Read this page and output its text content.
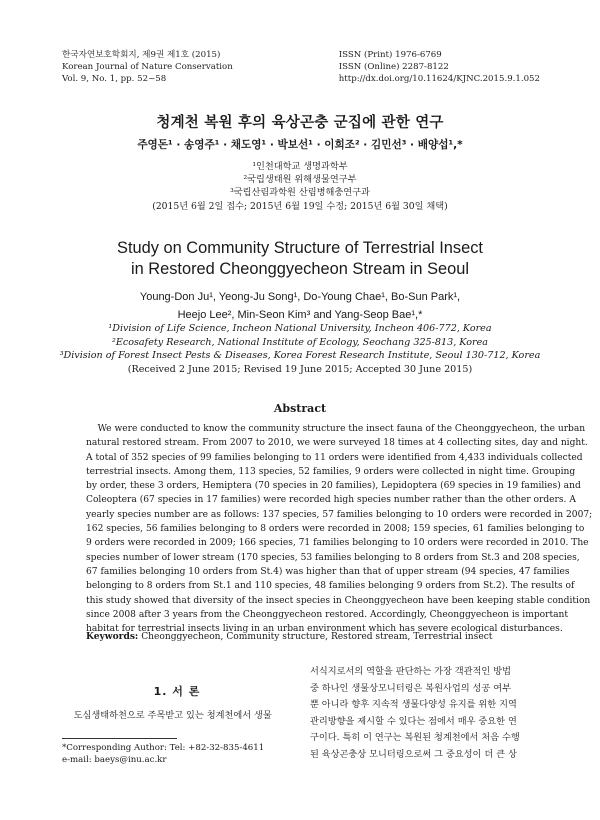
한국자연보호학회지, 제9권 제1호 (2015)
Korean Journal of Nature Conservation
Vol. 9, No. 1, pp. 52~58
ISSN (Print) 1976-6769
ISSN (Online) 2287-8122
http://dx.doi.org/10.11624/KJNC.2015.9.1.052
청계천 복원 후의 육상곤충 군집에 관한 연구
주영돈¹ · 송영주¹ · 채도영¹ · 박보선¹ · 이희조² · 김민선³ · 배양섭¹,*
¹인천대학교 생명과학부
²국립생태원 위해생물연구부
³국립산림과학원 산림병해충연구과
(2015년 6월 2일 접수; 2015년 6월 19일 수정; 2015년 6월 30일 채택)
Study on Community Structure of Terrestrial Insect
in Restored Cheonggyecheon Stream in Seoul
Young-Don Ju¹, Yeong-Ju Song¹, Do-Young Chae¹, Bo-Sun Park¹,
Heejo Lee², Min-Seon Kim³ and Yang-Seop Bae¹,*
¹Division of Life Science, Incheon National University, Incheon 406-772, Korea
²Ecosafety Research, National Institute of Ecology, Seochang 325-813, Korea
³Division of Forest Insect Pests & Diseases, Korea Forest Research Institute, Seoul 130-712, Korea
(Received 2 June 2015; Revised 19 June 2015; Accepted 30 June 2015)
Abstract
We were conducted to know the community structure the insect fauna of the Cheonggyecheon, the urban
natural restored stream. From 2007 to 2010, we were surveyed 18 times at 4 collecting sites, day and night.
A total of 352 species of 99 families belonging to 11 orders were identified from 4,433 individuals collected
terrestrial insects. Among them, 113 species, 52 families, 9 orders were collected in night time. Grouping
by order, these 3 orders, Hemiptera (70 species in 20 families), Lepidoptera (69 species in 19 families) and
Coleoptera (67 species in 17 families) were recorded high species number rather than the other orders. A
yearly species number are as follows: 137 species, 57 families belonging to 10 orders were recorded in 2007;
162 species, 56 families belonging to 8 orders were recorded in 2008; 159 species, 61 families belonging to
9 orders were recorded in 2009; 166 species, 71 families belonging to 10 orders were recorded in 2010. The
species number of lower stream (170 species, 53 families belonging to 8 orders from St.3 and 208 species,
67 families belonging 10 orders from St.4) was higher than that of upper stream (94 species, 47 families
belonging to 8 orders from St.1 and 110 species, 48 families belonging 9 orders from St.2). The results of
this study showed that diversity of the insect species in Cheonggyecheon have been keeping stable condition
since 2008 after 3 years from the Cheonggyecheon restored. Accordingly, Cheonggyecheon is important
habitat for terrestrial insects living in an urban environment which has severe ecological disturbances.
Keywords: Cheonggyecheon, Community structure, Restored stream, Terrestrial insect
1. 서 론
도심생태하천으로 주목받고 있는 청계천에서 생물
*Corresponding Author: Tel: +82-32-835-4611
e-mail: baeys@inu.ac.kr
서식지로서의 역할을 판단하는 가장 객관적인 방법
중 하나인 생물상모니터링은 복원사업의 성공 여부
뿐 아니라 향후 지속적 생물다양성 유지를 위한 지역
관리방향을 제시할 수 있다는 점에서 매우 중요한 연
구이다. 특히 이 연구는 복원된 청계천에서 처음 수행
된 육상곤충상 모니터링으로써 그 중요성이 더 큰 상
